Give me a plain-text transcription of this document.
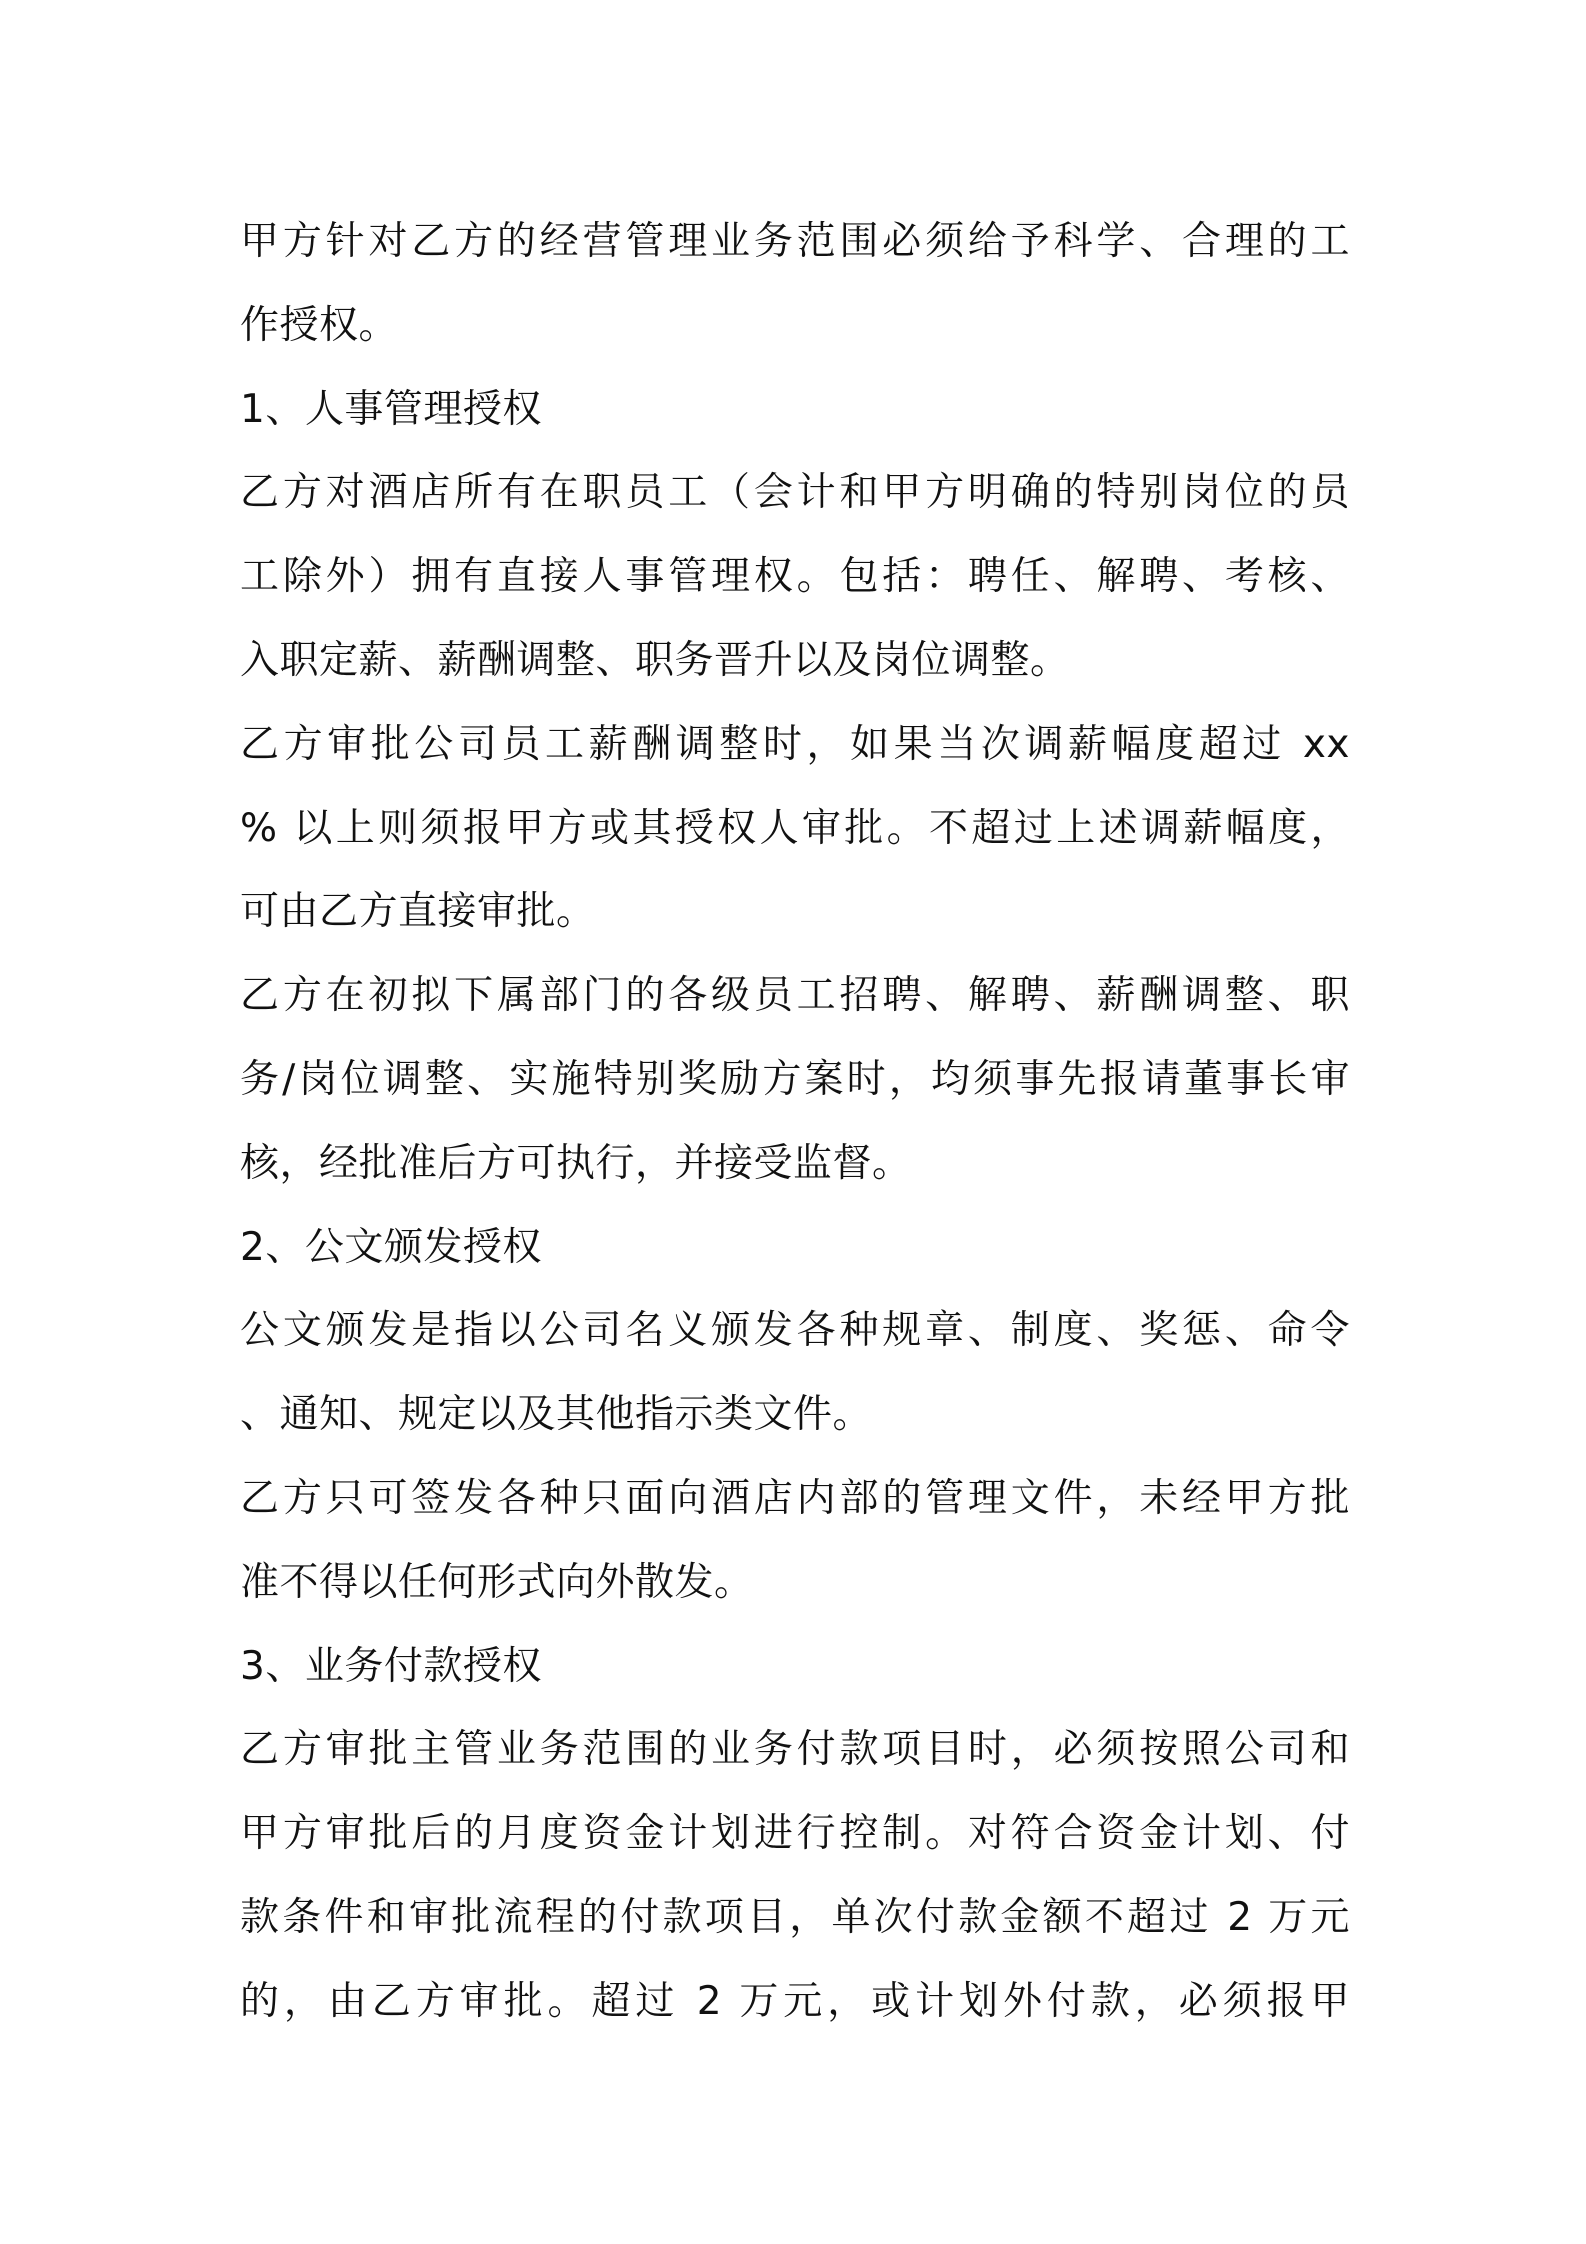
甲方针对乙方的经营管理业务范围必须给予科学、合理的工
作授权。
1、人事管理授权
乙方对酒店所有在职员工（会计和甲方明确的特别岗位的员
工除外）拥有直接人事管理权。包括：聘任、解聘、考核、
入职定薪、薪酬调整、职务晋升以及岗位调整。
乙方审批公司员工薪酬调整时，如果当次调薪幅度超过 xx
% 以上则须报甲方或其授权人审批。不超过上述调薪幅度，
可由乙方直接审批。
乙方在初拟下属部门的各级员工招聘、解聘、薪酬调整、职
务/岗位调整、实施特别奖励方案时，均须事先报请董事长审
核，经批准后方可执行，并接受监督。
2、公文颁发授权
公文颁发是指以公司名义颁发各种规章、制度、奖惩、命令
、通知、规定以及其他指示类文件。
乙方只可签发各种只面向酒店内部的管理文件，未经甲方批
准不得以任何形式向外散发。
3、业务付款授权
乙方审批主管业务范围的业务付款项目时，必须按照公司和
甲方审批后的月度资金计划进行控制。对符合资金计划、付
款条件和审批流程的付款项目，单次付款金额不超过 2 万元
的，由乙方审批。超过 2 万元，或计划外付款，必须报甲
